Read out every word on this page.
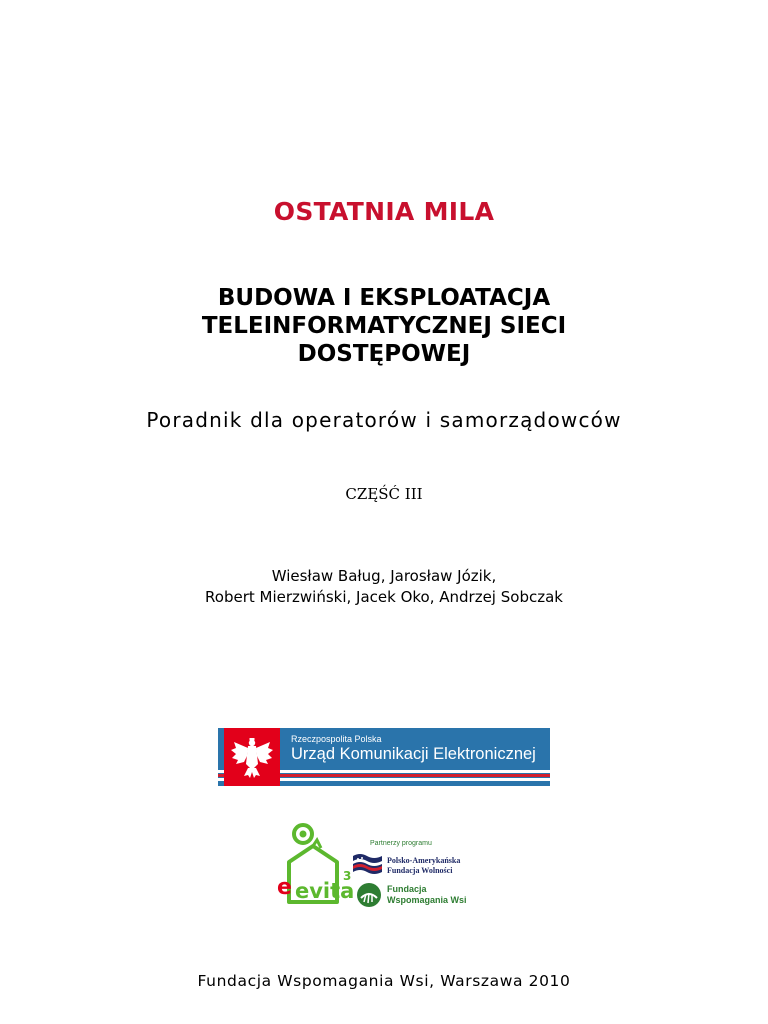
OSTATNIA MILA
BUDOWA I EKSPLOATACJA
TELEINFORMATYCZNEJ SIECI
DOSTĘPOWEJ
Poradnik dla operatorów i samorządowców
CZĘŚĆ III
Wiesław Baług, Jarosław Józik,
Robert Mierzwiński, Jacek Oko, Andrzej Sobczak
Rzeczpospolita Polska
Urząd Komunikacji Elektronicznej
e evita
3
Partnerzy programu
Polsko-Amerykańska
Fundacja Wolności
Fundacja
Wspomagania Wsi
Fundacja Wspomagania Wsi, Warszawa 2010
